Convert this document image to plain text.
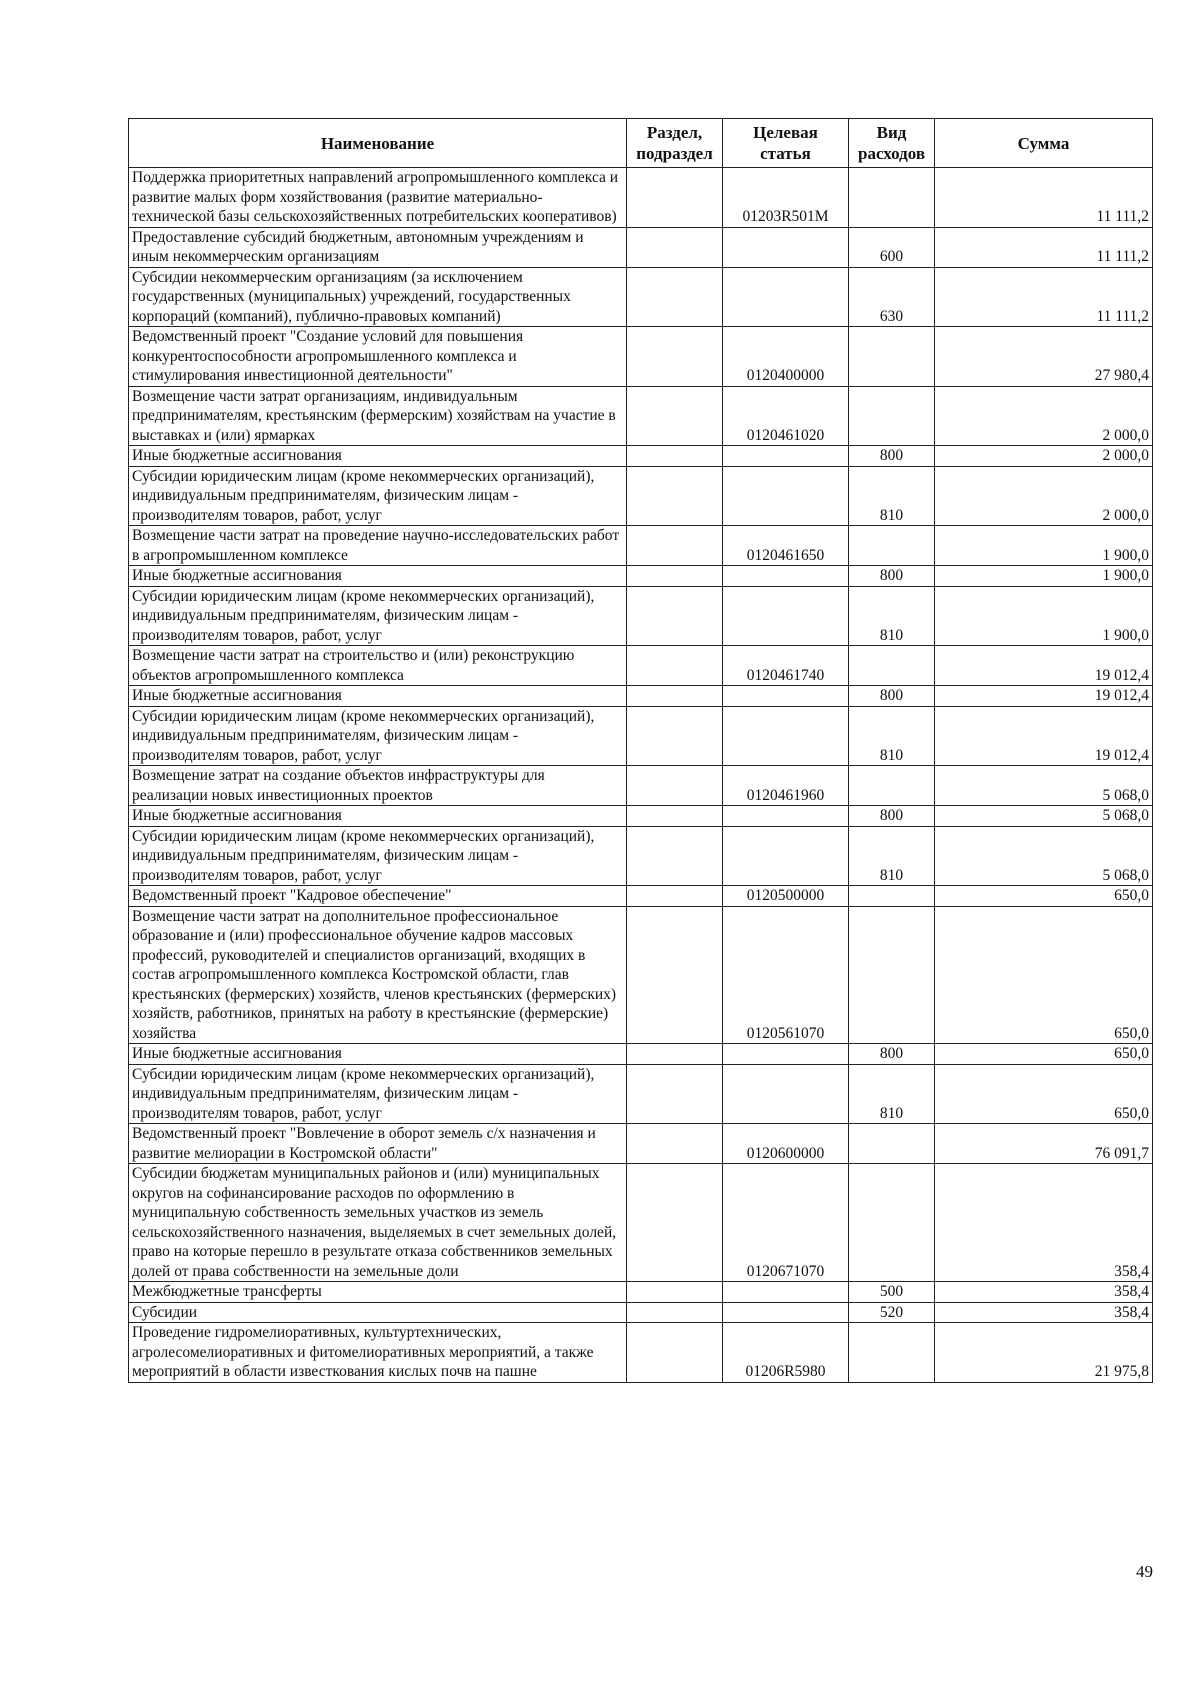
Наименование	Раздел, подраздел	Целевая статья	Вид расходов	Сумма
Поддержка приоритетных направлений агропромышленного комплекса и развитие малых форм хозяйствования (развитие материально-технической базы сельскохозяйственных потребительских кооперативов)		01203R501M		11 111,2
Предоставление субсидий бюджетным, автономным учреждениям и иным некоммерческим организациям			600	11 111,2
Субсидии некоммерческим организациям (за исключением государственных (муниципальных) учреждений, государственных корпораций (компаний), публично-правовых компаний)			630	11 111,2
Ведомственный проект "Создание условий для повышения конкурентоспособности агропромышленного комплекса и стимулирования инвестиционной деятельности"		0120400000		27 980,4
Возмещение части затрат организациям, индивидуальным предпринимателям, крестьянским (фермерским) хозяйствам на участие в выставках и (или) ярмарках		0120461020		2 000,0
Иные бюджетные ассигнования			800	2 000,0
Субсидии юридическим лицам (кроме некоммерческих организаций), индивидуальным предпринимателям, физическим лицам - производителям товаров, работ, услуг			810	2 000,0
Возмещение части затрат на проведение научно-исследовательских работ в агропромышленном комплексе		0120461650		1 900,0
Иные бюджетные ассигнования			800	1 900,0
Субсидии юридическим лицам (кроме некоммерческих организаций), индивидуальным предпринимателям, физическим лицам - производителям товаров, работ, услуг			810	1 900,0
Возмещение части затрат на строительство и (или) реконструкцию объектов агропромышленного комплекса		0120461740		19 012,4
Иные бюджетные ассигнования			800	19 012,4
Субсидии юридическим лицам (кроме некоммерческих организаций), индивидуальным предпринимателям, физическим лицам - производителям товаров, работ, услуг			810	19 012,4
Возмещение затрат на создание объектов инфраструктуры для реализации новых инвестиционных проектов		0120461960		5 068,0
Иные бюджетные ассигнования			800	5 068,0
Субсидии юридическим лицам (кроме некоммерческих организаций), индивидуальным предпринимателям, физическим лицам - производителям товаров, работ, услуг			810	5 068,0
Ведомственный проект "Кадровое обеспечение"		0120500000		650,0
Возмещение части затрат на дополнительное профессиональное образование и (или) профессиональное обучение кадров массовых профессий, руководителей и специалистов организаций, входящих в состав агропромышленного комплекса Костромской области, глав крестьянских (фермерских) хозяйств, членов крестьянских (фермерских) хозяйств, работников, принятых на работу в крестьянские (фермерские) хозяйства		0120561070		650,0
Иные бюджетные ассигнования			800	650,0
Субсидии юридическим лицам (кроме некоммерческих организаций), индивидуальным предпринимателям, физическим лицам - производителям товаров, работ, услуг			810	650,0
Ведомственный проект "Вовлечение в оборот земель с/х назначения и развитие мелиорации в Костромской области"		0120600000		76 091,7
Субсидии бюджетам муниципальных районов и (или) муниципальных округов на софинансирование расходов по оформлению в муниципальную собственность земельных участков из земель сельскохозяйственного назначения, выделяемых в счет земельных долей, право на которые перешло в результате отказа собственников земельных долей от права собственности на земельные доли		0120671070		358,4
Межбюджетные трансферты			500	358,4
Субсидии			520	358,4
Проведение гидромелиоративных, культуртехнических, агролесомелиоративных и фитомелиоративных мероприятий, а также мероприятий в области известкования кислых почв на пашне		01206R5980		21 975,8
49
